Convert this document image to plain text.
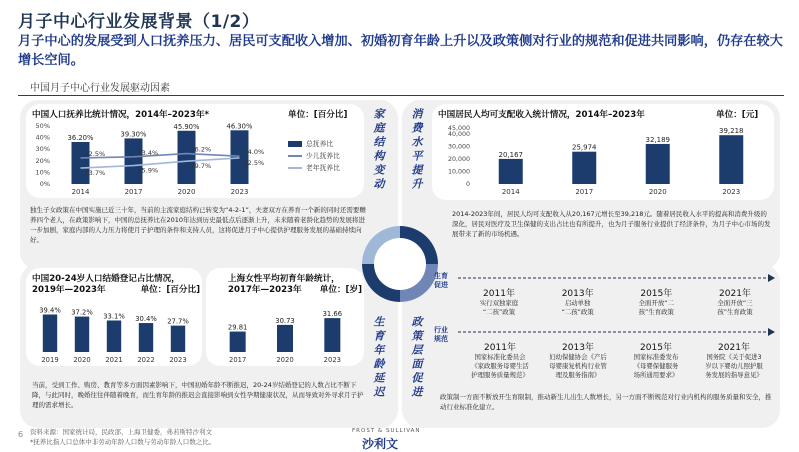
月子中心行业发展背景（1/2）
月子中心的发展受到人口抚养压力、居民可支配收入增加、初婚初育年龄上升以及政策侧对行业的规范和促进共同影响，仍存在较大增长空间。
中国月子中心行业发展驱动因素
中国人口抚养比统计情况，2014年–2023年*	单位：[百分比]
0%
10%
20%
30%
40%
50%
36.20%	39.30%
45.90%	46.30%
2014	2017	2020	2023
22.5%	23.4%	26.2%	24.0%
13.7%	15.9%
19.7%	22.5%
总抚养比
少儿抚养比
老年抚养比
独生子女政策在中国实施已近三十年，当前的主流家庭结构已转变为“4-2-1”，夫妻双方在养育一个新的同时还需要赡养四个老人，在政策影响下，中国的总抚养比在2010年达到历史最低点后逐渐上升，未来随着老龄化趋势的发展将进一步加剧，家庭内部的人力压力将使月子护理的条件和支持人员，这将促进月子中心提供护理服务发展的基础持续向好。
中国居民人均可支配收入统计情况，2014年–2023年	单位：[元]
0
10,000
20,000
30,000
40,000
45,000
20,167
25,974
32,189
39,218
2014	2017	2020	2023
2014-2023年间，居民人均可支配收入从20,167元增长至39,218元。随着居民收入水平的提高和消费升级的深化，居民对医疗及卫生保健的支出占比也有所提升，也为月子服务行业提供了经济条件，为月子中心市场的发展带来了新的市场机遇。
中国20-24岁人口结婚登记占比情况，2019年—2023年	单位：[百分比]
39.4% 37.2% 33.1% 30.4% 27.7%
2019 2020 2021 2022 2023
上海女性平均初育年龄统计，2017年—2023年 单位：[岁]
29.81
30.73
31.66
2017	2020	2023
当前，受到工作、购房、教育等多方面因素影响下，中国初婚年龄不断推迟，20-24岁结婚登记的人数占比不断下降，与此同时，晚婚往往伴随着晚育，而生育年龄的推迟会直接影响到女性孕期健康状况，从而导致对外寻求月子护理的需求增长。
家庭结构变动 消费水平提升
生育年龄延迟 政策层面促进
生育促进
行业规范
2011年
实行双独家庭
“二孩”政策
2013年
启动单独
“二孩”政策
2015年
全面开放“二
孩”生育政策
2021年
全面开放“三
孩”生育政策
2011年
国家标准化委员会
《家政服务母婴生活
护理服务质量规范》
2013年
妇幼保健协会《产后
母婴康复机构行业管
理及服务指南》
2015年
国家标准委发布
《母婴保健服务
场所通用要求》
2021年
国务院《关于促进3
岁以下婴幼儿照护服
务发展的指导意见》
政策制一方面不断放开生育限制，推动新生儿出生人数增长，另一方面不断规范对行业内机构的服务质量和安全，推动行业标准化建立。
6 资料来源：国家统计局，民政部，上海卫健委，弗若斯特沙利文
*抚养比指人口总体中非劳动年龄人口数与劳动年龄人口数之比。
FROST & SULLIVAN
沙利文
